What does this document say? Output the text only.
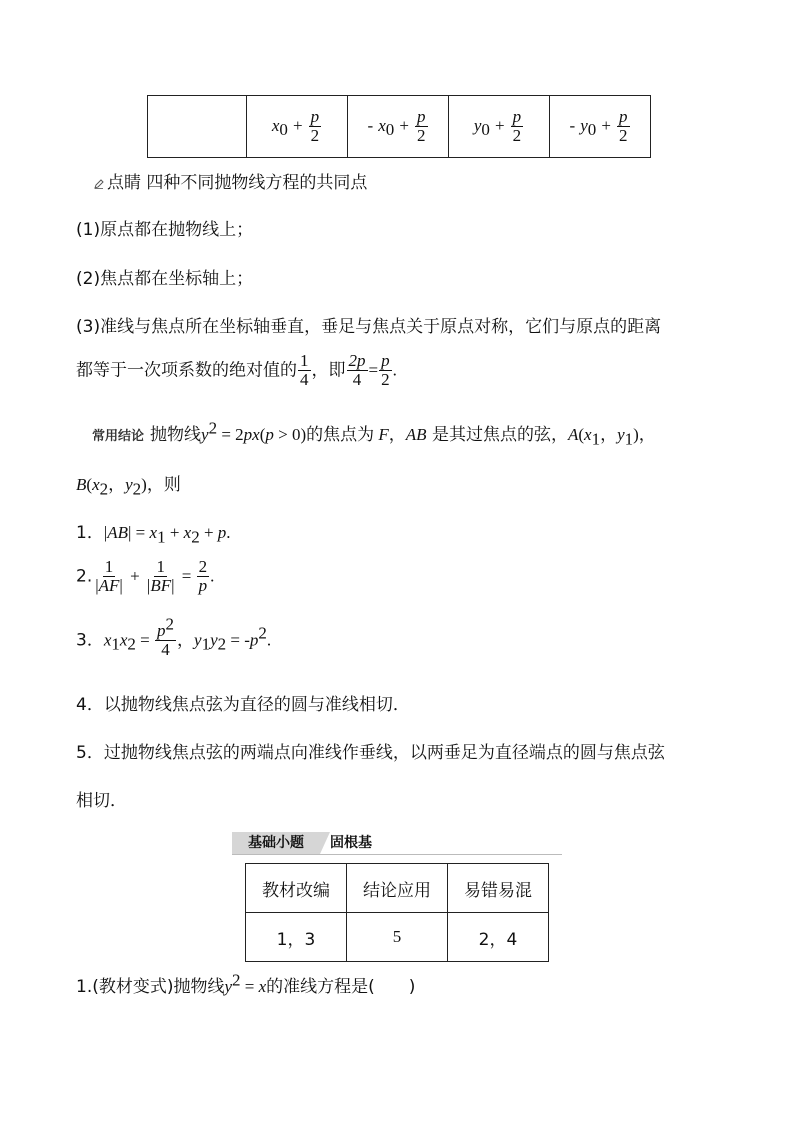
	$x_0 + \frac{p}{2}$	- $x_0 + \frac{p}{2}$	$y_0 + \frac{p}{2}$	- $y_0 + \frac{p}{2}$
点睛 四种不同抛物线方程的共同点
(1)原点都在抛物线上；
(2)焦点都在坐标轴上；
(3)准线与焦点所在坐标轴垂直，垂足与焦点关于原点对称，它们与原点的距离
都等于一次项系数的绝对值的 $\frac{1}{4}$ ，即 $\frac{2p}{4} = \frac{p}{2}$ .
常用结论 抛物线$y^2 = 2px(p > 0)$的焦点为 F，AB 是其过焦点的弦，$A(x_1$，$y_1$)，
$B(x_2$，$y_2$)，则
1．$|AB| = x_1 + x_2 + p$.
2. $\frac{1}{|AF|} + \frac{1}{|BF|} = \frac{2}{p}$ .
3．$x_1x_2 = \frac{p^2}{4}$ ，$y_1y_2 = -p^2$.
4．以抛物线焦点弦为直径的圆与准线相切．
5．过抛物线焦点弦的两端点向准线作垂线，以两垂足为直径端点的圆与焦点弦
相切．
基础小题	固根基
教材改编	结论应用	易错易混
1，3	5	2，4
1.(教材变式)抛物线$y^2 = x$的准线方程是(　　)
